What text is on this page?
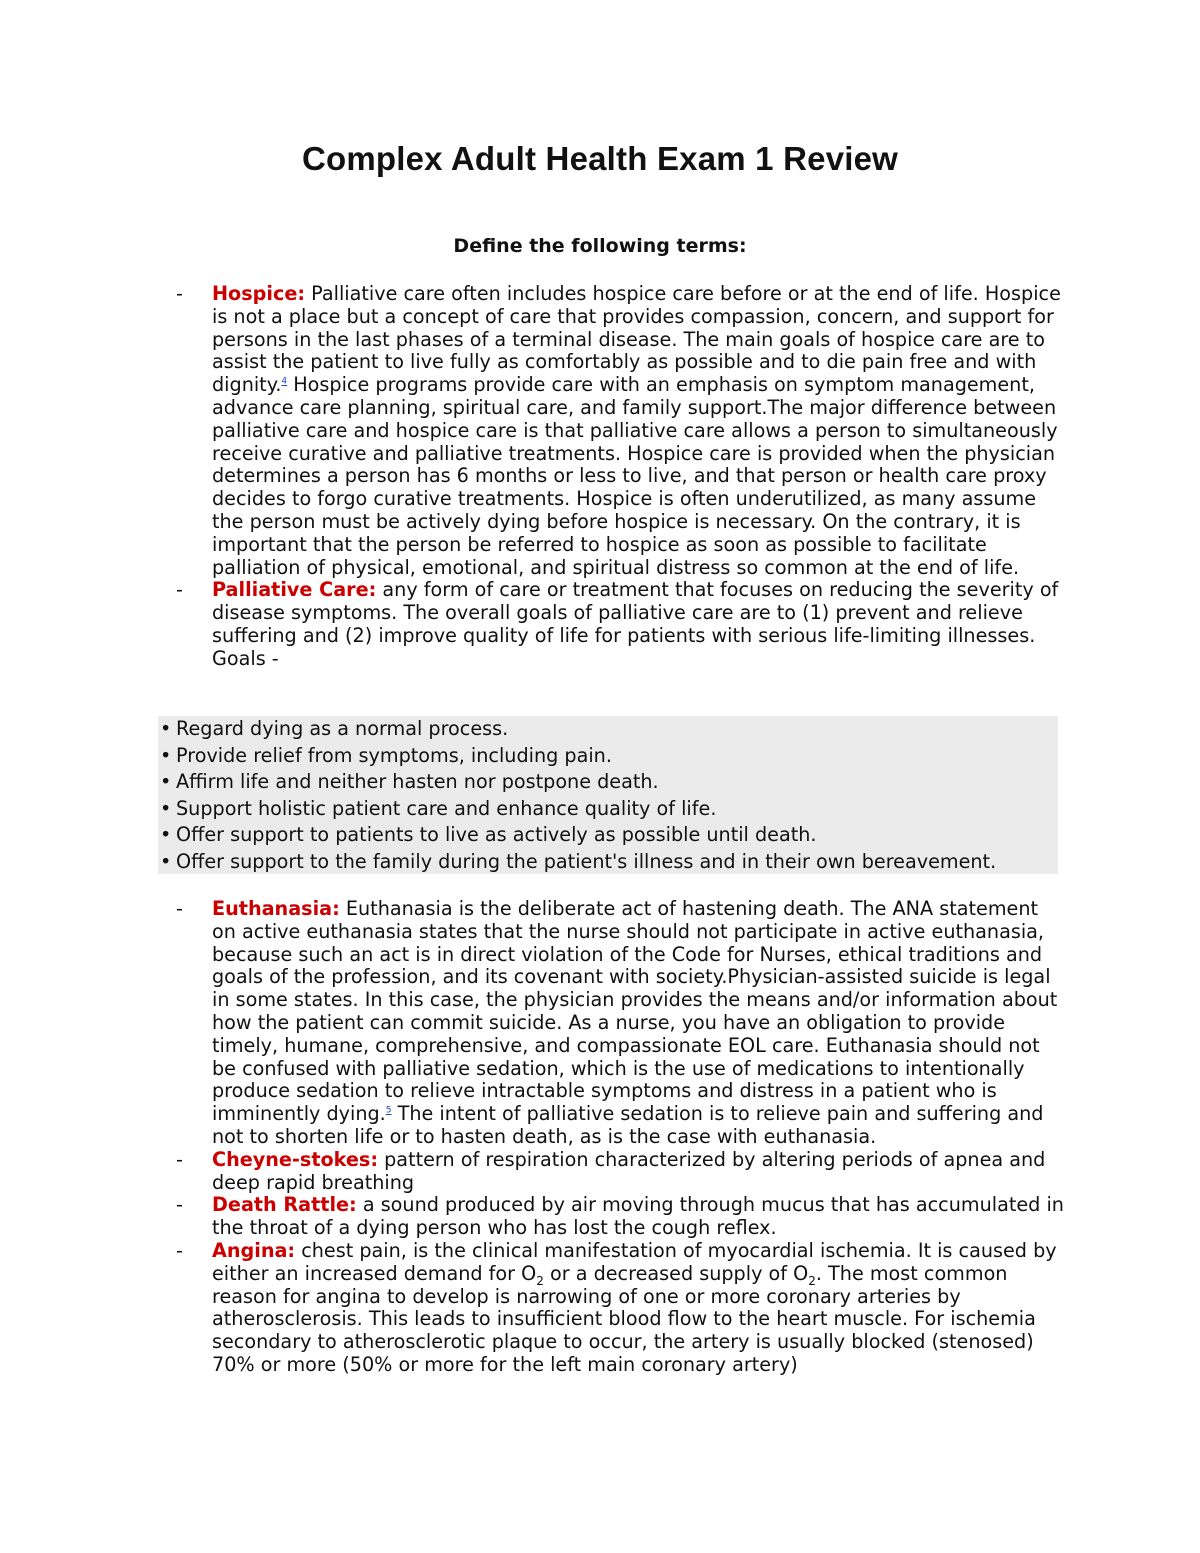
Complex Adult Health Exam 1 Review
Define the following terms:
- Hospice: Palliative care often includes hospice care before or at the end of life. Hospice is not a place but a concept of care that provides compassion, concern, and support for persons in the last phases of a terminal disease. The main goals of hospice care are to assist the patient to live fully as comfortably as possible and to die pain free and with dignity.$^4$ Hospice programs provide care with an emphasis on symptom management, advance care planning, spiritual care, and family support.The major difference between palliative care and hospice care is that palliative care allows a person to simultaneously receive curative and palliative treatments. Hospice care is provided when the physician determines a person has 6 months or less to live, and that person or health care proxy decides to forgo curative treatments. Hospice is often underutilized, as many assume the person must be actively dying before hospice is necessary. On the contrary, it is important that the person be referred to hospice as soon as possible to facilitate palliation of physical, emotional, and spiritual distress so common at the end of life.
- Palliative Care: any form of care or treatment that focuses on reducing the severity of disease symptoms. The overall goals of palliative care are to (1) prevent and relieve suffering and (2) improve quality of life for patients with serious life-limiting illnesses. Goals -
• Regard dying as a normal process.
• Provide relief from symptoms, including pain.
• Affirm life and neither hasten nor postpone death.
• Support holistic patient care and enhance quality of life.
• Offer support to patients to live as actively as possible until death.
• Offer support to the family during the patient's illness and in their own bereavement.
- Euthanasia: Euthanasia is the deliberate act of hastening death. The ANA statement on active euthanasia states that the nurse should not participate in active euthanasia, because such an act is in direct violation of the Code for Nurses, ethical traditions and goals of the profession, and its covenant with society.Physician-assisted suicide is legal in some states. In this case, the physician provides the means and/or information about how the patient can commit suicide. As a nurse, you have an obligation to provide timely, humane, comprehensive, and compassionate EOL care. Euthanasia should not be confused with palliative sedation, which is the use of medications to intentionally produce sedation to relieve intractable symptoms and distress in a patient who is imminently dying.$^5$ The intent of palliative sedation is to relieve pain and suffering and not to shorten life or to hasten death, as is the case with euthanasia.
- Cheyne-stokes: pattern of respiration characterized by altering periods of apnea and deep rapid breathing
- Death Rattle: a sound produced by air moving through mucus that has accumulated in the throat of a dying person who has lost the cough reflex.
- Angina: chest pain, is the clinical manifestation of myocardial ischemia. It is caused by either an increased demand for $O_2$ or a decreased supply of $O_2$. The most common reason for angina to develop is narrowing of one or more coronary arteries by atherosclerosis. This leads to insufficient blood flow to the heart muscle. For ischemia secondary to atherosclerotic plaque to occur, the artery is usually blocked (stenosed) 70% or more (50% or more for the left main coronary artery)
